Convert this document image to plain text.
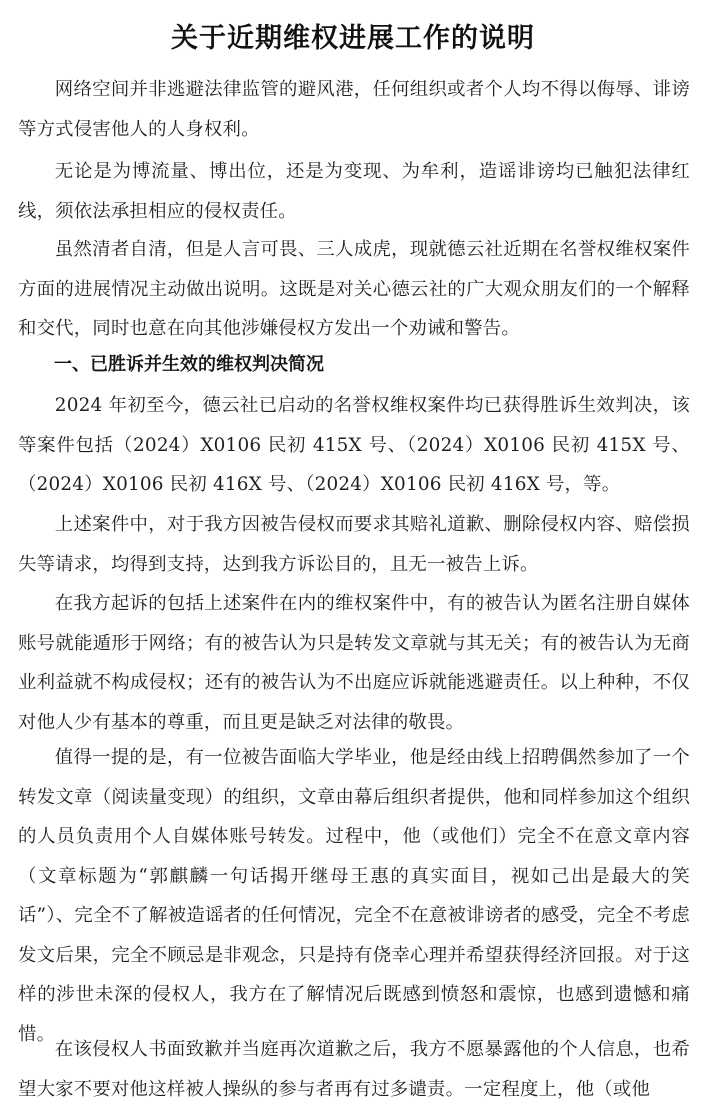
关于近期维权进展工作的说明
网络空间并非逃避法律监管的避风港，任何组织或者个人均不得以侮辱、诽谤等方式侵害他人的人身权利。
无论是为博流量、博出位，还是为变现、为牟利，造谣诽谤均已触犯法律红线，须依法承担相应的侵权责任。
虽然清者自清，但是人言可畏、三人成虎，现就德云社近期在名誉权维权案件方面的进展情况主动做出说明。这既是对关心德云社的广大观众朋友们的一个解释和交代，同时也意在向其他涉嫌侵权方发出一个劝诫和警告。
一、已胜诉并生效的维权判决简况
2024 年初至今，德云社已启动的名誉权维权案件均已获得胜诉生效判决，该等案件包括（2024）X0106 民初 415X 号、（2024）X0106 民初 415X 号、（2024）X0106 民初 416X 号、（2024）X0106 民初 416X 号，等。
上述案件中，对于我方因被告侵权而要求其赔礼道歉、删除侵权内容、赔偿损失等请求，均得到支持，达到我方诉讼目的，且无一被告上诉。
在我方起诉的包括上述案件在内的维权案件中，有的被告认为匿名注册自媒体账号就能遁形于网络；有的被告认为只是转发文章就与其无关；有的被告认为无商业利益就不构成侵权；还有的被告认为不出庭应诉就能逃避责任。以上种种，不仅对他人少有基本的尊重，而且更是缺乏对法律的敬畏。
值得一提的是，有一位被告面临大学毕业，他是经由线上招聘偶然参加了一个转发文章（阅读量变现）的组织，文章由幕后组织者提供，他和同样参加这个组织的人员负责用个人自媒体账号转发。过程中，他（或他们）完全不在意文章内容（文章标题为“郭麒麟一句话揭开继母王惠的真实面目，视如己出是最大的笑话”）、完全不了解被造谣者的任何情况，完全不在意被诽谤者的感受，完全不考虑发文后果，完全不顾忌是非观念，只是持有侥幸心理并希望获得经济回报。对于这样的涉世未深的侵权人，我方在了解情况后既感到愤怒和震惊，也感到遗憾和痛惜。
在该侵权人书面致歉并当庭再次道歉之后，我方不愿暴露他的个人信息，也希望大家不要对他这样被人操纵的参与者再有过多谴责。一定程度上，他（或他
